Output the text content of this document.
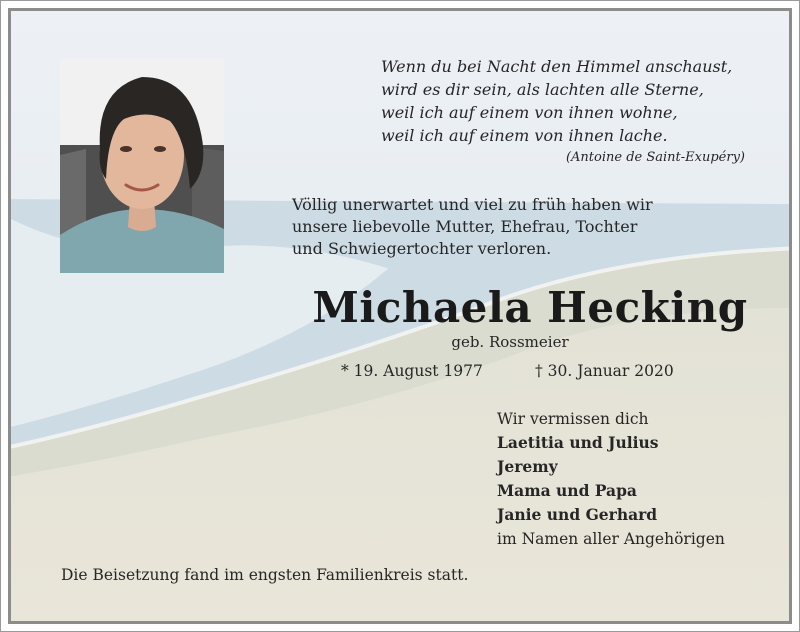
Wenn du bei Nacht den Himmel anschaust,
wird es dir sein, als lachten alle Sterne,
weil ich auf einem von ihnen wohne,
weil ich auf einem von ihnen lache.
(Antoine de Saint-Exupéry)
Völlig unerwartet und viel zu früh haben wir
unsere liebevolle Mutter, Ehefrau, Tochter
und Schwiegertochter verloren.
Michaela Hecking
geb. Rossmeier
* 19. August 1977	† 30. Januar 2020
Wir vermissen dich
Laetitia und Julius
Jeremy
Mama und Papa
Janie und Gerhard
im Namen aller Angehörigen
Die Beisetzung fand im engsten Familienkreis statt.
